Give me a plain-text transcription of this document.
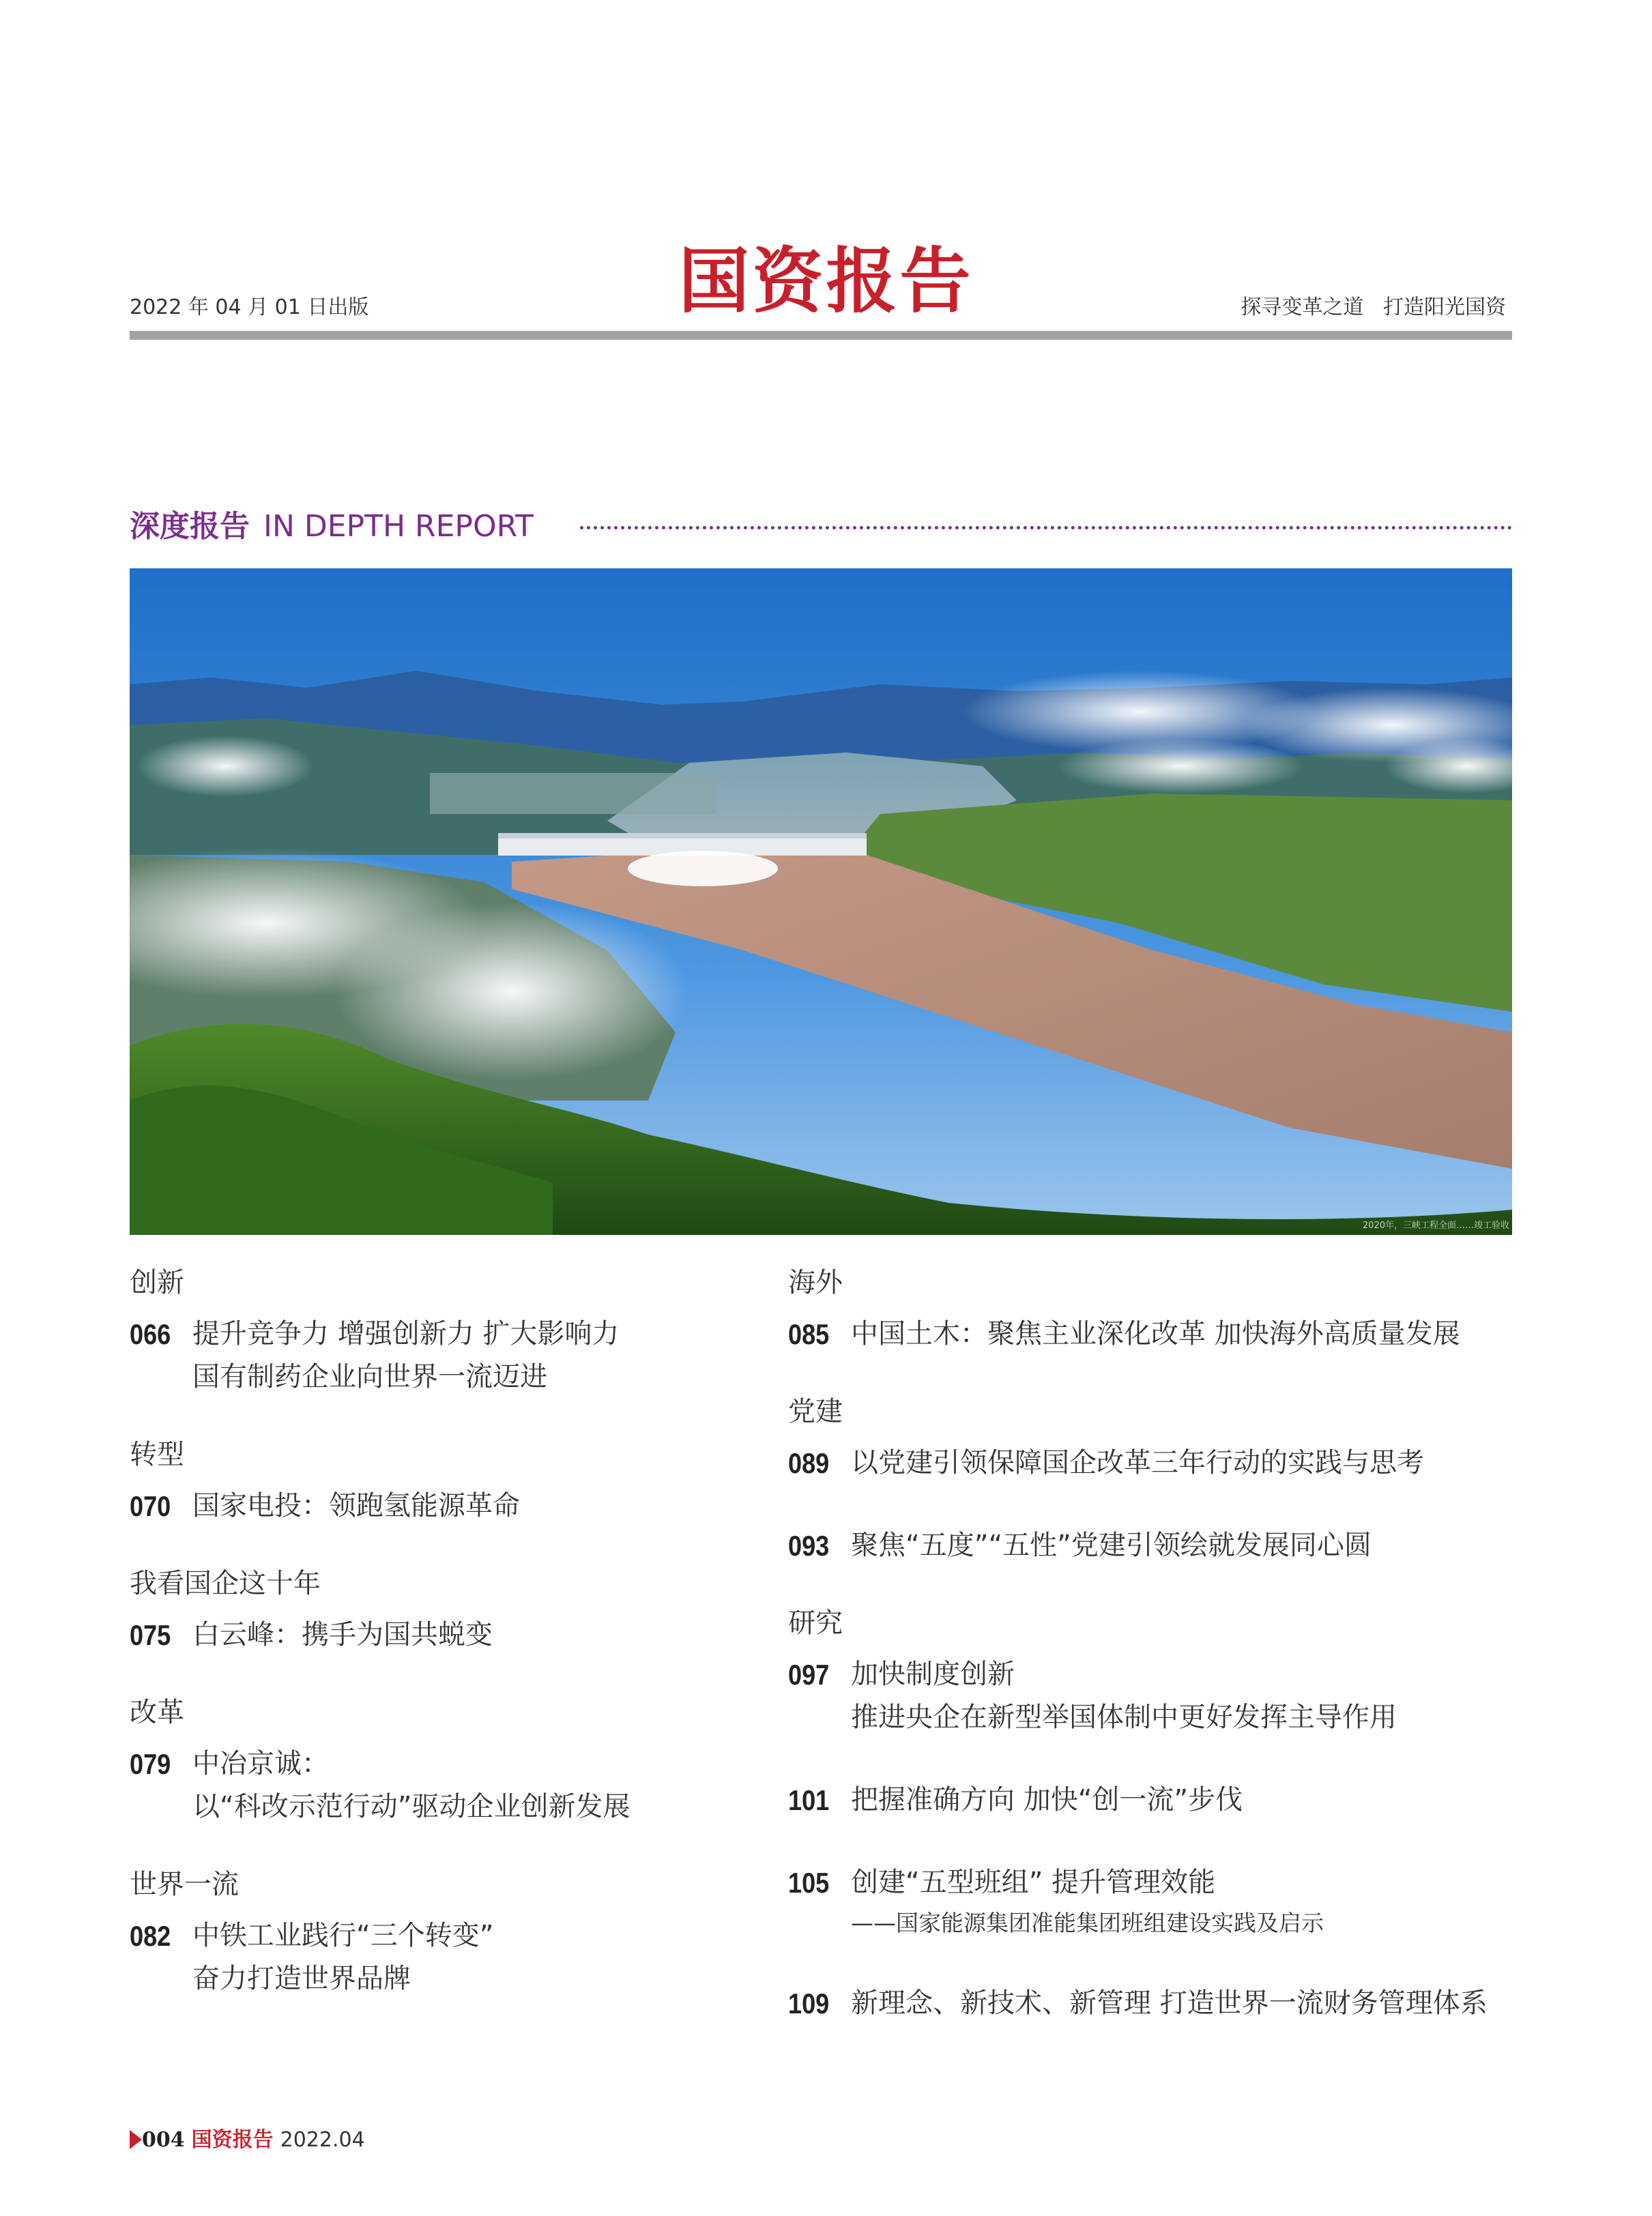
2022 年 04 月 01 日出版	国资报告	探寻变革之道 打造阳光国资
深度报告 IN DEPTH REPORT
2020年，三峡工程全面……竣工验收
创新
066 提升竞争力 增强创新力 扩大影响力
国有制药企业向世界一流迈进
转型
070 国家电投：领跑氢能源革命
我看国企这十年
075 白云峰：携手为国共蜕变
改革
079 中冶京诚：
以“科改示范行动”驱动企业创新发展
世界一流
082 中铁工业践行“三个转变”
奋力打造世界品牌
海外
085 中国土木：聚焦主业深化改革 加快海外高质量发展
党建
089 以党建引领保障国企改革三年行动的实践与思考
093 聚焦“五度”“五性”党建引领绘就发展同心圆
研究
097 加快制度创新
推进央企在新型举国体制中更好发挥主导作用
101 把握准确方向 加快“创一流”步伐
105 创建“五型班组” 提升管理效能
——国家能源集团准能集团班组建设实践及启示
109 新理念、新技术、新管理 打造世界一流财务管理体系
004 国资报告 2022.04
